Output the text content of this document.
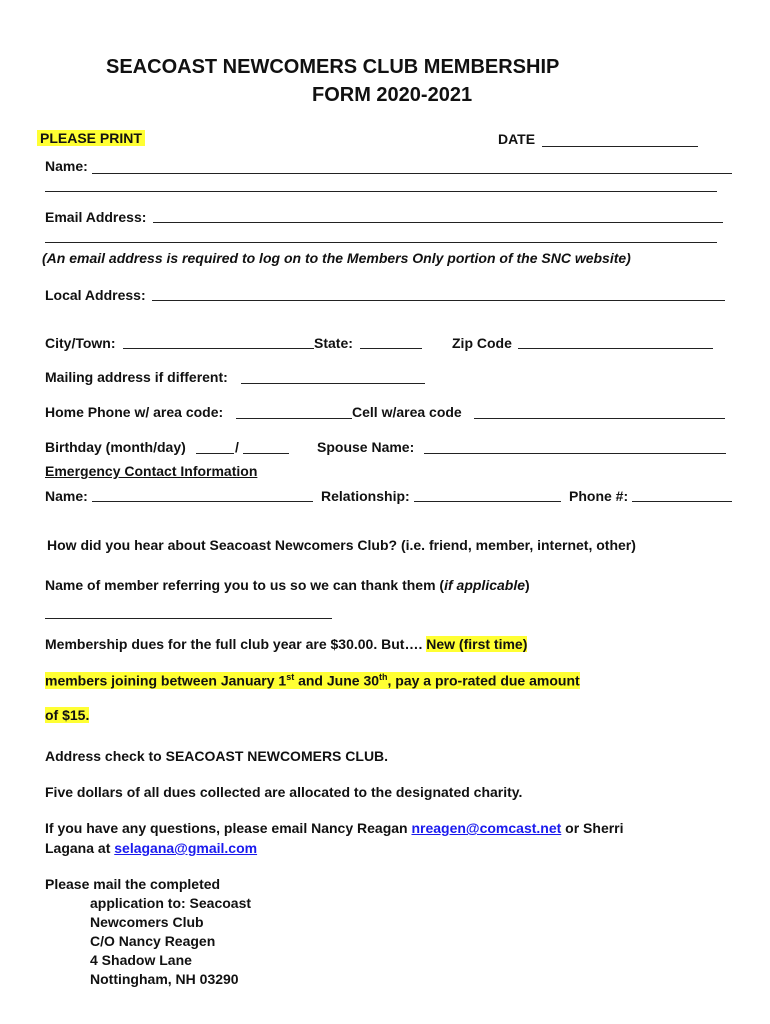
SEACOAST NEWCOMERS CLUB MEMBERSHIP
FORM 2020-2021
PLEASE PRINT	DATE
Name:
Email Address:
(An email address is required to log on to the Members Only portion of the SNC website)
Local Address:
City/Town:	State:	Zip Code
Mailing address if different:
Home Phone w/ area code:	Cell w/area code
Birthday (month/day)	/	Spouse Name:
Emergency Contact Information
Name:	Relationship:	Phone #:
How did you hear about Seacoast Newcomers Club? (i.e. friend, member, internet, other)
Name of member referring you to us so we can thank them (if applicable)
Membership dues for the full club year are $30.00. But…. New (first time)
members joining between January 1st and June 30th, pay a pro-rated due amount
of $15.
Address check to SEACOAST NEWCOMERS CLUB.
Five dollars of all dues collected are allocated to the designated charity.
If you have any questions, please email Nancy Reagan nreagen@comcast.net or Sherri
Lagana at selagana@gmail.com
Please mail the completed
application to: Seacoast
Newcomers Club
C/O Nancy Reagen
4 Shadow Lane
Nottingham, NH 03290
